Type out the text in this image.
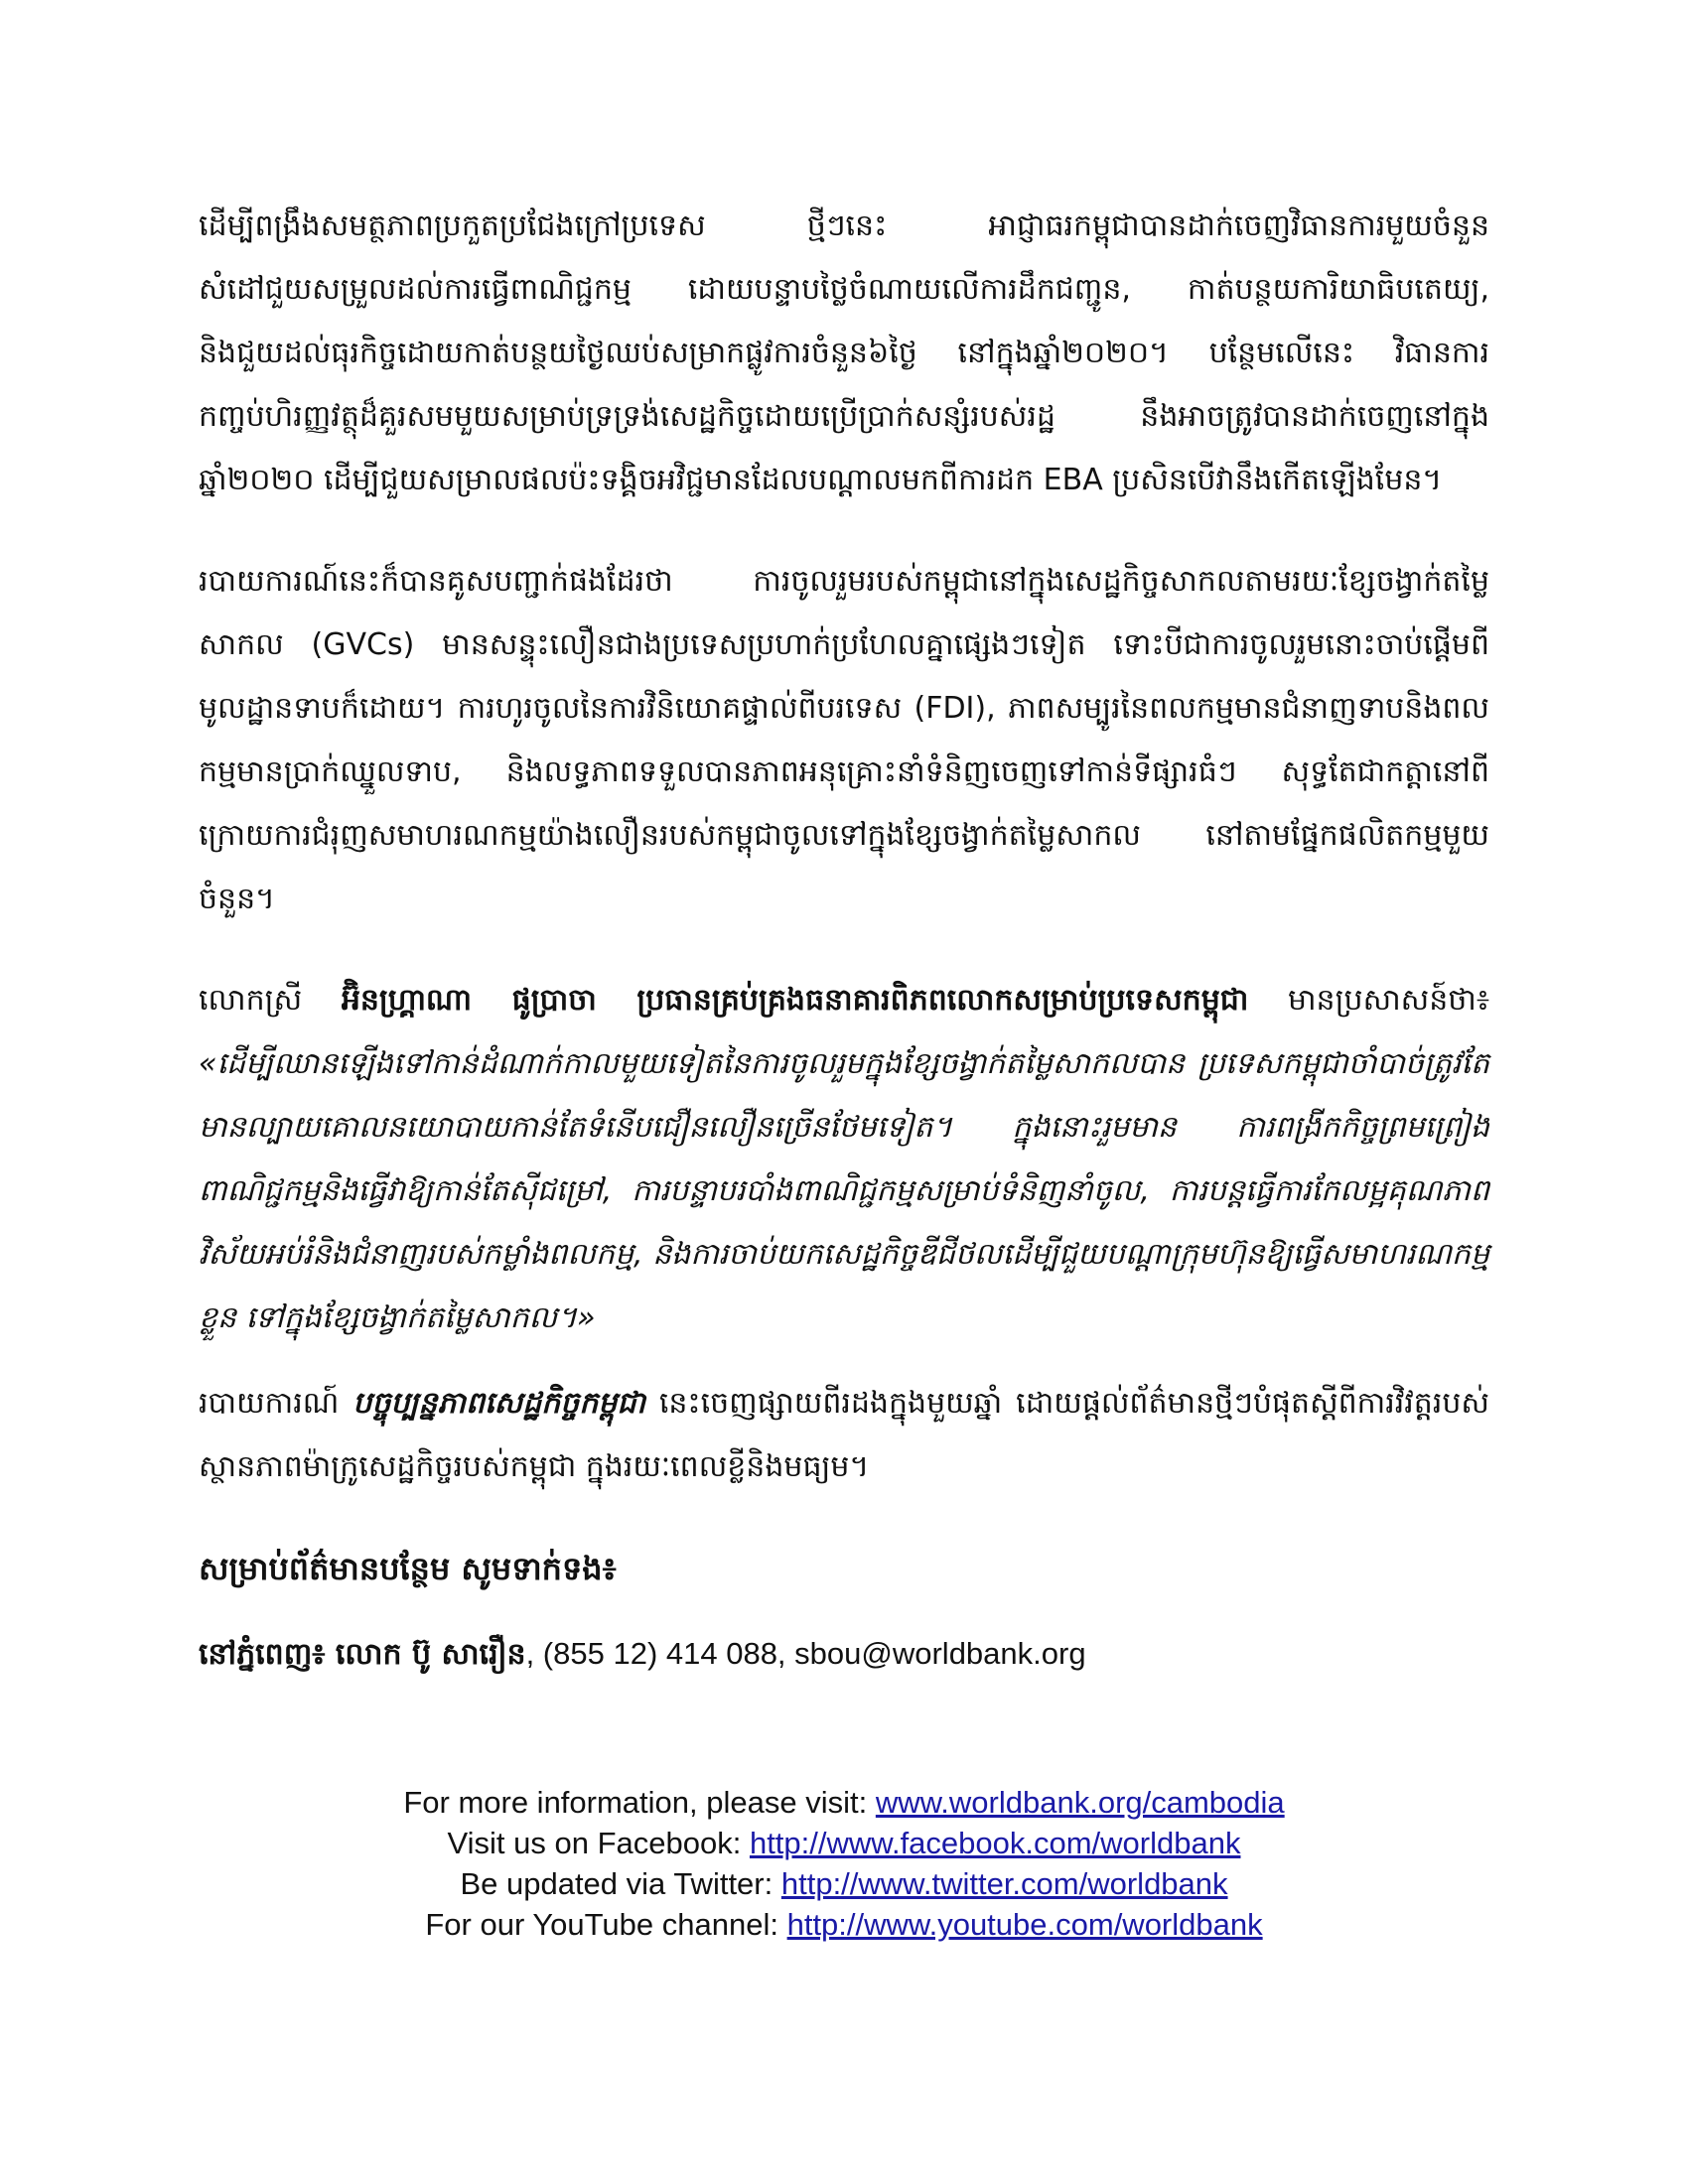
ដើម្បីពង្រឹងសមត្ថភាពប្រកួតប្រជែងក្រៅប្រទេស ថ្មីៗនេះ អាជ្ញាធរកម្ពុជាបានដាក់ចេញវិធានការមួយចំនួនសំដៅជួយសម្រួលដល់ការធ្វើពាណិជ្ជកម្ម ដោយបន្ទាបថ្លៃចំណាយលើការដឹកជញ្ជូន, កាត់បន្ថយការិយាធិបតេយ្យ, និងជួយដល់ធុរកិច្ចដោយកាត់បន្ថយថ្ងៃឈប់សម្រាកផ្លូវការចំនួន៦ថ្ងៃ នៅក្នុងឆ្នាំ២០២០។ បន្ថែមលើនេះ វិធានការកញ្ចប់ហិរញ្ញវត្ថុដ៏គួរសមមួយសម្រាប់ទ្រទ្រង់សេដ្ឋកិច្ចដោយប្រើប្រាក់សន្សំរបស់រដ្ឋ នឹងអាចត្រូវបានដាក់ចេញនៅក្នុងឆ្នាំ២០២០ ដើម្បីជួយសម្រាលផលប៉ះទង្គិចអវិជ្ជមានដែលបណ្តាលមកពីការដក EBA ប្រសិនបើវានឹងកើតឡើងមែន។

របាយការណ៍នេះក៏បានគូសបញ្ជាក់ផងដែរថា ការចូលរួមរបស់កម្ពុជានៅក្នុងសេដ្ឋកិច្ចសាកលតាមរយៈខ្សែចង្វាក់តម្លៃសាកល (GVCs) មានសន្ទុះលឿនជាងប្រទេសប្រហាក់ប្រហែលគ្នាផ្សេងៗទៀត ទោះបីជាការចូលរួមនោះចាប់ផ្តើមពីមូលដ្ឋានទាបក៏ដោយ។ ការហូរចូលនៃការវិនិយោគផ្ទាល់ពីបរទេស (FDI), ភាពសម្បូរនៃពលកម្មមានជំនាញទាបនិងពលកម្មមានប្រាក់ឈ្នួលទាប, និងលទ្ធភាពទទួលបានភាពអនុគ្រោះនាំទំនិញចេញទៅកាន់ទីផ្សារធំៗ សុទ្ធតែជាកត្តានៅពីក្រោយការជំរុញសមាហរណកម្មយ៉ាងលឿនរបស់កម្ពុជាចូលទៅក្នុងខ្សែចង្វាក់តម្លៃសាកល នៅតាមផ្នែកផលិតកម្មមួយចំនួន។

លោកស្រី អ៊ិនហ្គ្រាណា ផូប្រាចា ប្រធានគ្រប់គ្រងធនាគារពិភពលោកសម្រាប់ប្រទេសកម្ពុជា មានប្រសាសន៍ថា៖ «ដើម្បីឈានឡើងទៅកាន់ដំណាក់កាលមួយទៀតនៃការចូលរួមក្នុងខ្សែចង្វាក់តម្លៃសាកលបាន ប្រទេសកម្ពុជាចាំបាច់ត្រូវតែមានល្បាយគោលនយោបាយកាន់តែទំនើបជឿនលឿនច្រើនថែមទៀត។ ក្នុងនោះរួមមាន ការពង្រីកកិច្ចព្រមព្រៀងពាណិជ្ជកម្មនិងធ្វើវាឱ្យកាន់តែស៊ីជម្រៅ, ការបន្ទាបរបាំងពាណិជ្ជកម្មសម្រាប់ទំនិញនាំចូល, ការបន្តធ្វើការកែលម្អគុណភាពវិស័យអប់រំនិងជំនាញរបស់កម្លាំងពលកម្ម, និងការចាប់យកសេដ្ឋកិច្ចឌីជីថលដើម្បីជួយបណ្តាក្រុមហ៊ុនឱ្យធ្វើសមាហរណកម្មខ្លួន ទៅក្នុងខ្សែចង្វាក់តម្លៃសាកល។»

របាយការណ៍ បច្ចុប្បន្នភាពសេដ្ឋកិច្ចកម្ពុជា នេះចេញផ្សាយពីរដងក្នុងមួយឆ្នាំ ដោយផ្តល់ព័ត៌មានថ្មីៗបំផុតស្តីពីការវិវត្តរបស់ស្ថានភាពម៉ាក្រូសេដ្ឋកិច្ចរបស់កម្ពុជា ក្នុងរយៈពេលខ្លីនិងមធ្យម។

សម្រាប់ព័ត៌មានបន្ថែម សូមទាក់ទង៖
នៅភ្នំពេញ៖ លោក ប៊ូ សារឿន, (855 12) 414 088, sbou@worldbank.org
For more information, please visit: www.worldbank.org/cambodia
Visit us on Facebook: http://www.facebook.com/worldbank
Be updated via Twitter: http://www.twitter.com/worldbank
For our YouTube channel: http://www.youtube.com/worldbank
